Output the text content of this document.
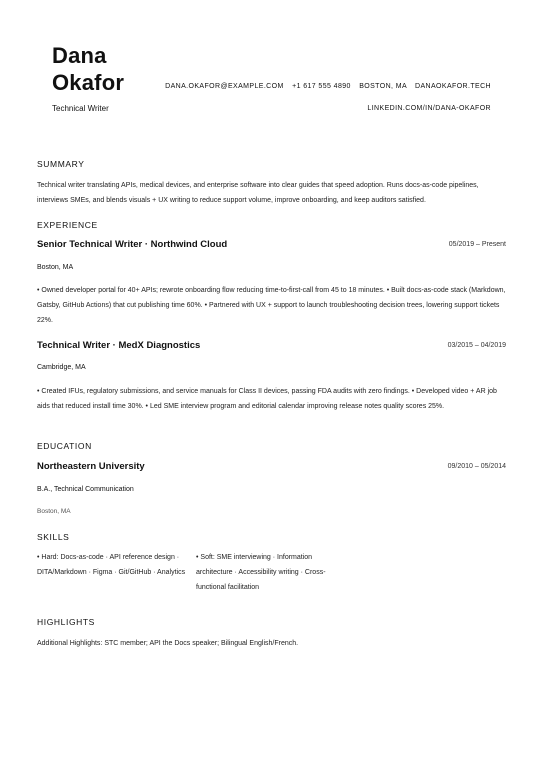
Dana
Okafor
Technical Writer
DANA.OKAFOR@EXAMPLE.COM +1 617 555 4890 BOSTON, MA DANAOKAFOR.TECH
LINKEDIN.COM/IN/DANA-OKAFOR
SUMMARY
Technical writer translating APIs, medical devices, and enterprise software into clear guides that speed adoption. Runs docs-as-code pipelines, interviews SMEs, and blends visuals + UX writing to reduce support volume, improve onboarding, and keep auditors satisfied.
EXPERIENCE
Senior Technical Writer · Northwind Cloud	05/2019 – Present
Boston, MA
• Owned developer portal for 40+ APIs; rewrote onboarding flow reducing time-to-first-call from 45 to 18 minutes. • Built docs-as-code stack (Markdown, Gatsby, GitHub Actions) that cut publishing time 60%. • Partnered with UX + support to launch troubleshooting decision trees, lowering support tickets 22%.
Technical Writer · MedX Diagnostics	03/2015 – 04/2019
Cambridge, MA
• Created IFUs, regulatory submissions, and service manuals for Class II devices, passing FDA audits with zero findings. • Developed video + AR job aids that reduced install time 30%. • Led SME interview program and editorial calendar improving release notes quality scores 25%.
EDUCATION
Northeastern University	09/2010 – 05/2014
B.A., Technical Communication
Boston, MA
SKILLS
• Hard: Docs-as-code · API reference design · DITA/Markdown · Figma · Git/GitHub · Analytics
• Soft: SME interviewing · Information architecture · Accessibility writing · Cross-functional facilitation
HIGHLIGHTS
Additional Highlights: STC member; API the Docs speaker; Bilingual English/French.
